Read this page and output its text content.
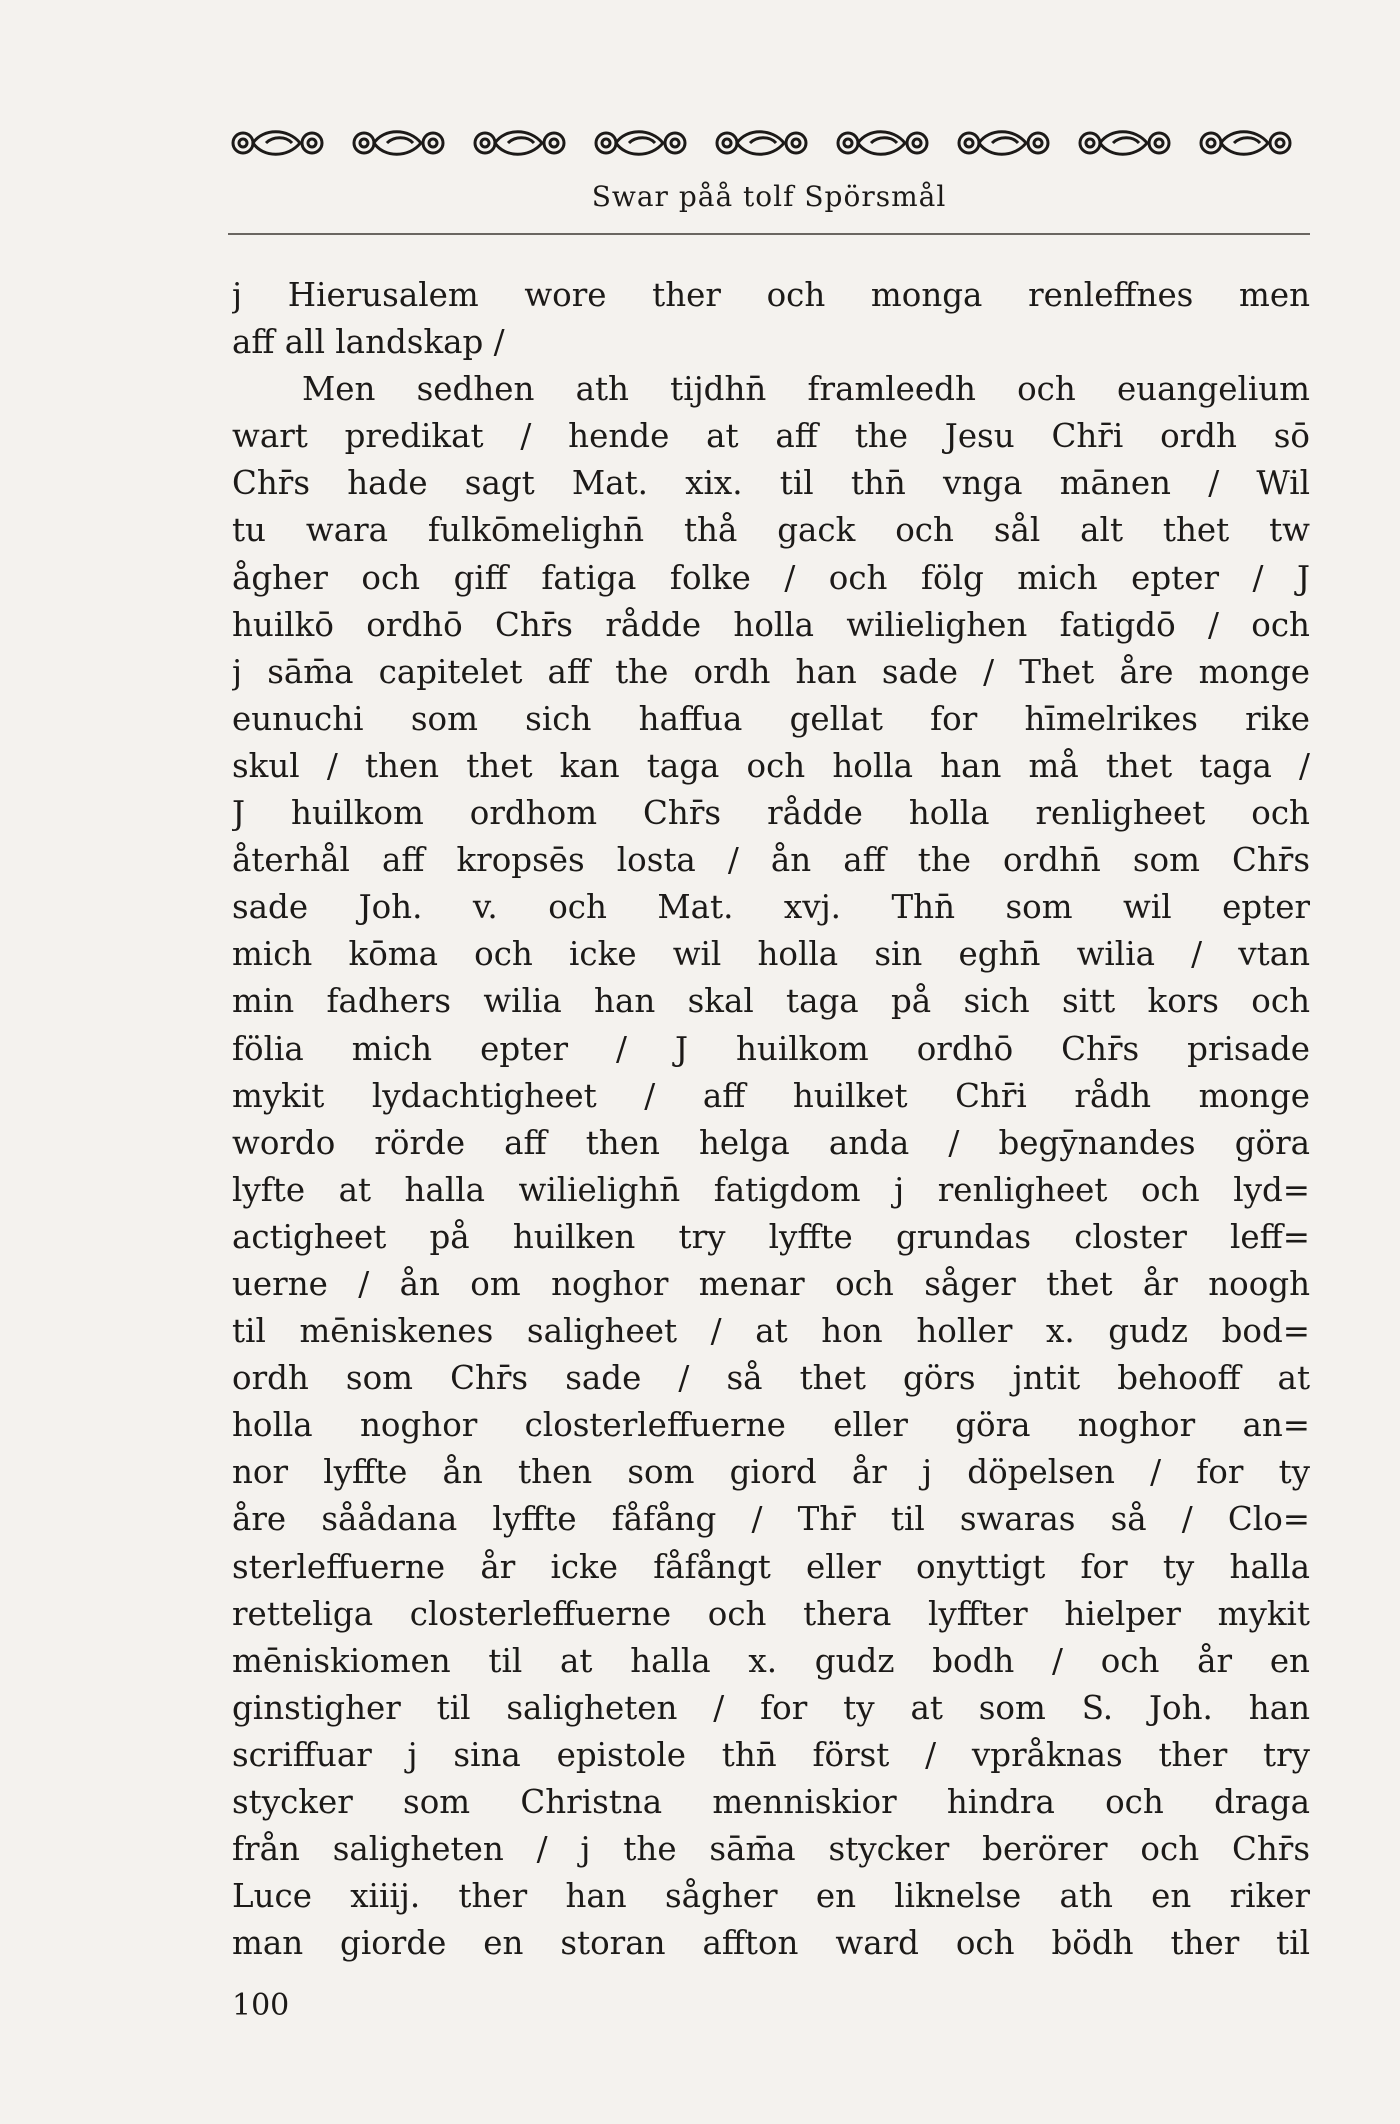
Swar påå tolf Spörsmål
j Hierusalem wore ther och monga renleffnes men
aff all landskap /
Men sedhen ath tijdhn̄ framleedh och euangelium
wart predikat / hende at aff the Jesu Chr̄i ordh sō
Chr̄s hade sagt Mat. xix. til thn̄ vnga mānen / Wil
tu wara fulkōmelighn̄ thå gack och sål alt thet tw
ågher och giff fatiga folke / och fölg mich epter / J
huilkō ordhō Chr̄s rådde holla wilielighen fatigdō / och
j sām̄a capitelet aff the ordh han sade / Thet åre monge
eunuchi som sich haffua gellat for hīmelrikes rike
skul / then thet kan taga och holla han må thet taga /
J huilkom ordhom Chr̄s rådde holla renligheet och
återhål aff kropsēs losta / ån aff the ordhn̄ som Chr̄s
sade Joh. v. och Mat. xvj. Thn̄ som wil epter
mich kōma och icke wil holla sin eghn̄ wilia / vtan
min fadhers wilia han skal taga på sich sitt kors och
fölia mich epter / J huilkom ordhō Chr̄s prisade
mykit lydachtigheet / aff huilket Chr̄i rådh monge
wordo rörde aff then helga anda / begȳnandes göra
lyfte at halla wilielighn̄ fatigdom j renligheet och lyd=
actigheet på huilken try lyffte grundas closter leff=
uerne / ån om noghor menar och såger thet år noogh
til mēniskenes saligheet / at hon holler x. gudz bod=
ordh som Chr̄s sade / så thet görs jntit behooff at
holla noghor closterleffuerne eller göra noghor an=
nor lyffte ån then som giord år j döpelsen / for ty
åre såådana lyffte fåfång / Thr̄ til swaras så / Clo=
sterleffuerne år icke fåfångt eller onyttigt for ty halla
retteliga closterleffuerne och thera lyffter hielper mykit
mēniskiomen til at halla x. gudz bodh / och år en
ginstigher til saligheten / for ty at som S. Joh. han
scriffuar j sina epistole thn̄ först / vpråknas ther try
stycker som Christna menniskior hindra och draga
från saligheten / j the sām̄a stycker berörer och Chr̄s
Luce xiiij. ther han sågher en liknelse ath en riker
man giorde en storan affton ward och bödh ther til
100
